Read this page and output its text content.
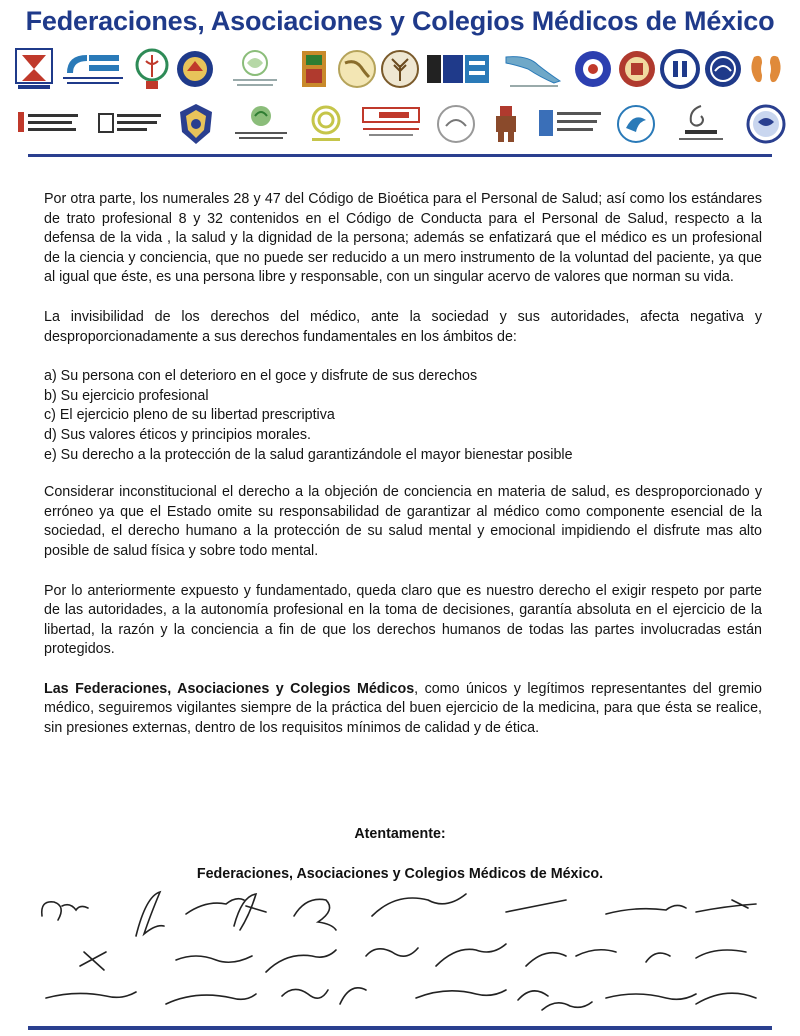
Federaciones, Asociaciones y Colegios Médicos de México

Por otra parte, los numerales 28 y 47 del Código de Bioética para el Personal de Salud; así como los estándares de trato profesional 8 y 32 contenidos en el Código de Conducta para el Personal de Salud, respecto a la defensa de la vida , la salud y la dignidad de la persona; además se enfatizará que el médico es un profesional de la ciencia y conciencia, que no puede ser reducido a un mero instrumento de la voluntad del paciente, ya que al igual que éste, es una persona libre y responsable, con un singular acervo de valores que norman su vida.

La invisibilidad de los derechos del médico, ante la sociedad y sus autoridades, afecta negativa y desproporcionadamente a sus derechos fundamentales en los ámbitos de:

a) Su persona con el deterioro en el goce y disfrute de sus derechos
b) Su ejercicio profesional
c) El ejercicio pleno de su libertad prescriptiva
d) Sus valores éticos y principios morales.
e) Su derecho a la protección de la salud garantizándole el mayor bienestar posible

Considerar inconstitucional el derecho a la objeción de conciencia en materia de salud, es desproporcionado y erróneo ya que el Estado omite su responsabilidad de garantizar al médico como componente esencial de la sociedad, el derecho humano a la protección de su salud mental y emocional impidiendo el disfrute mas alto posible de salud física y sobre todo mental.

Por lo anteriormente expuesto y fundamentado, queda claro que es nuestro derecho el exigir respeto por parte de las autoridades, a la autonomía profesional en la toma de decisiones, garantía absoluta en el ejercicio de la libertad, la razón y la conciencia a fin de que los derechos humanos de todas las partes involucradas están protegidos.

Las Federaciones, Asociaciones y Colegios Médicos, como únicos y legítimos representantes del gremio médico, seguiremos vigilantes siempre de la práctica del buen ejercicio de la medicina, para que ésta se realice, sin presiones externas, dentro de los requisitos mínimos de calidad y de ética.

Atentamente:
Federaciones, Asociaciones y Colegios Médicos de México.
